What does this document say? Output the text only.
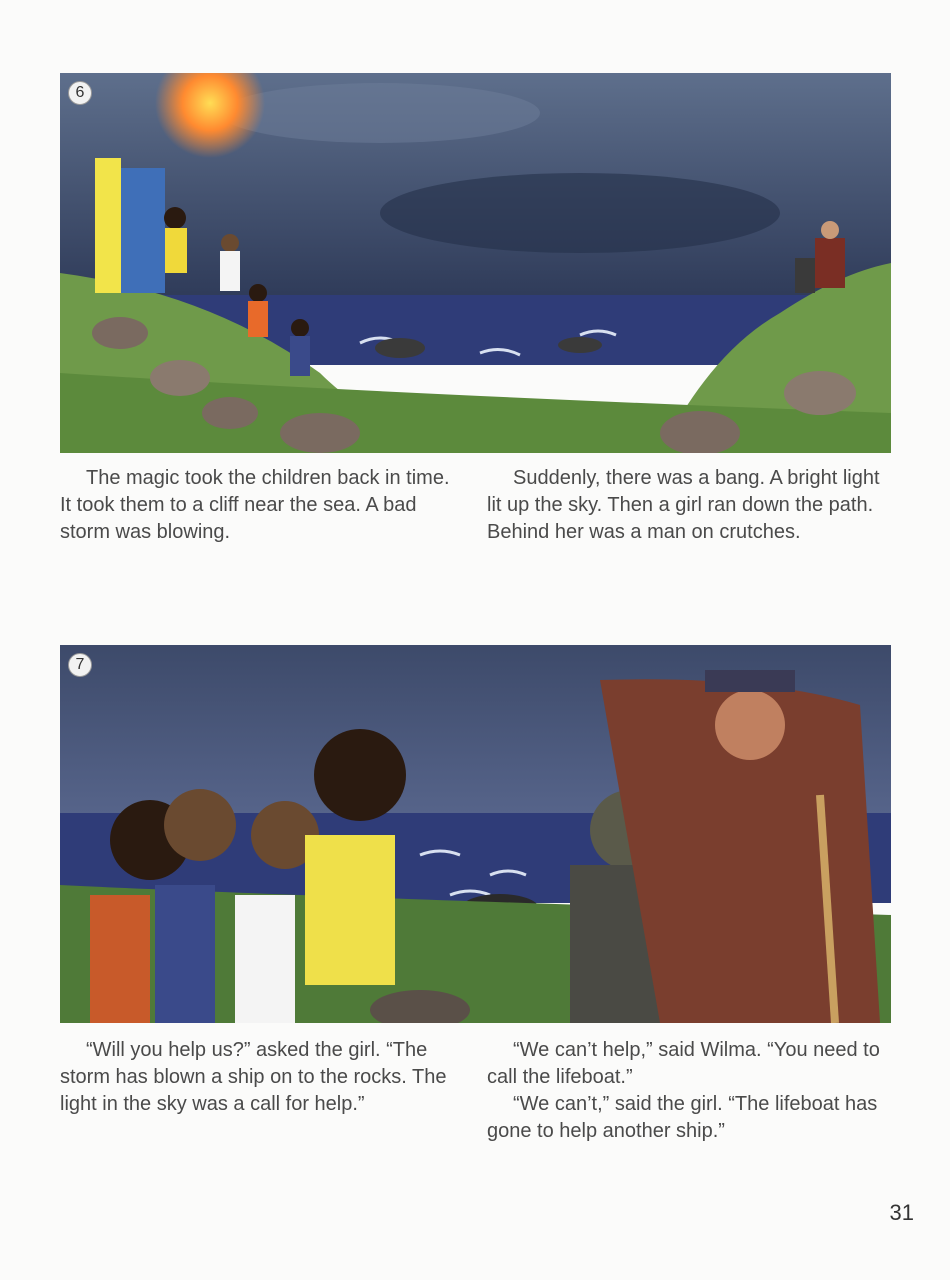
6

The magic took the children back in time. It took them to a cliff near the sea. A bad storm was blowing.

Suddenly, there was a bang. A bright light lit up the sky. Then a girl ran down the path. Behind her was a man on crutches.

7

“Will you help us?” asked the girl. “The storm has blown a ship on to the rocks. The light in the sky was a call for help.”

“We can’t help,” said Wilma. “You need to call the lifeboat.”

“We can’t,” said the girl. “The lifeboat has gone to help another ship.”

31
